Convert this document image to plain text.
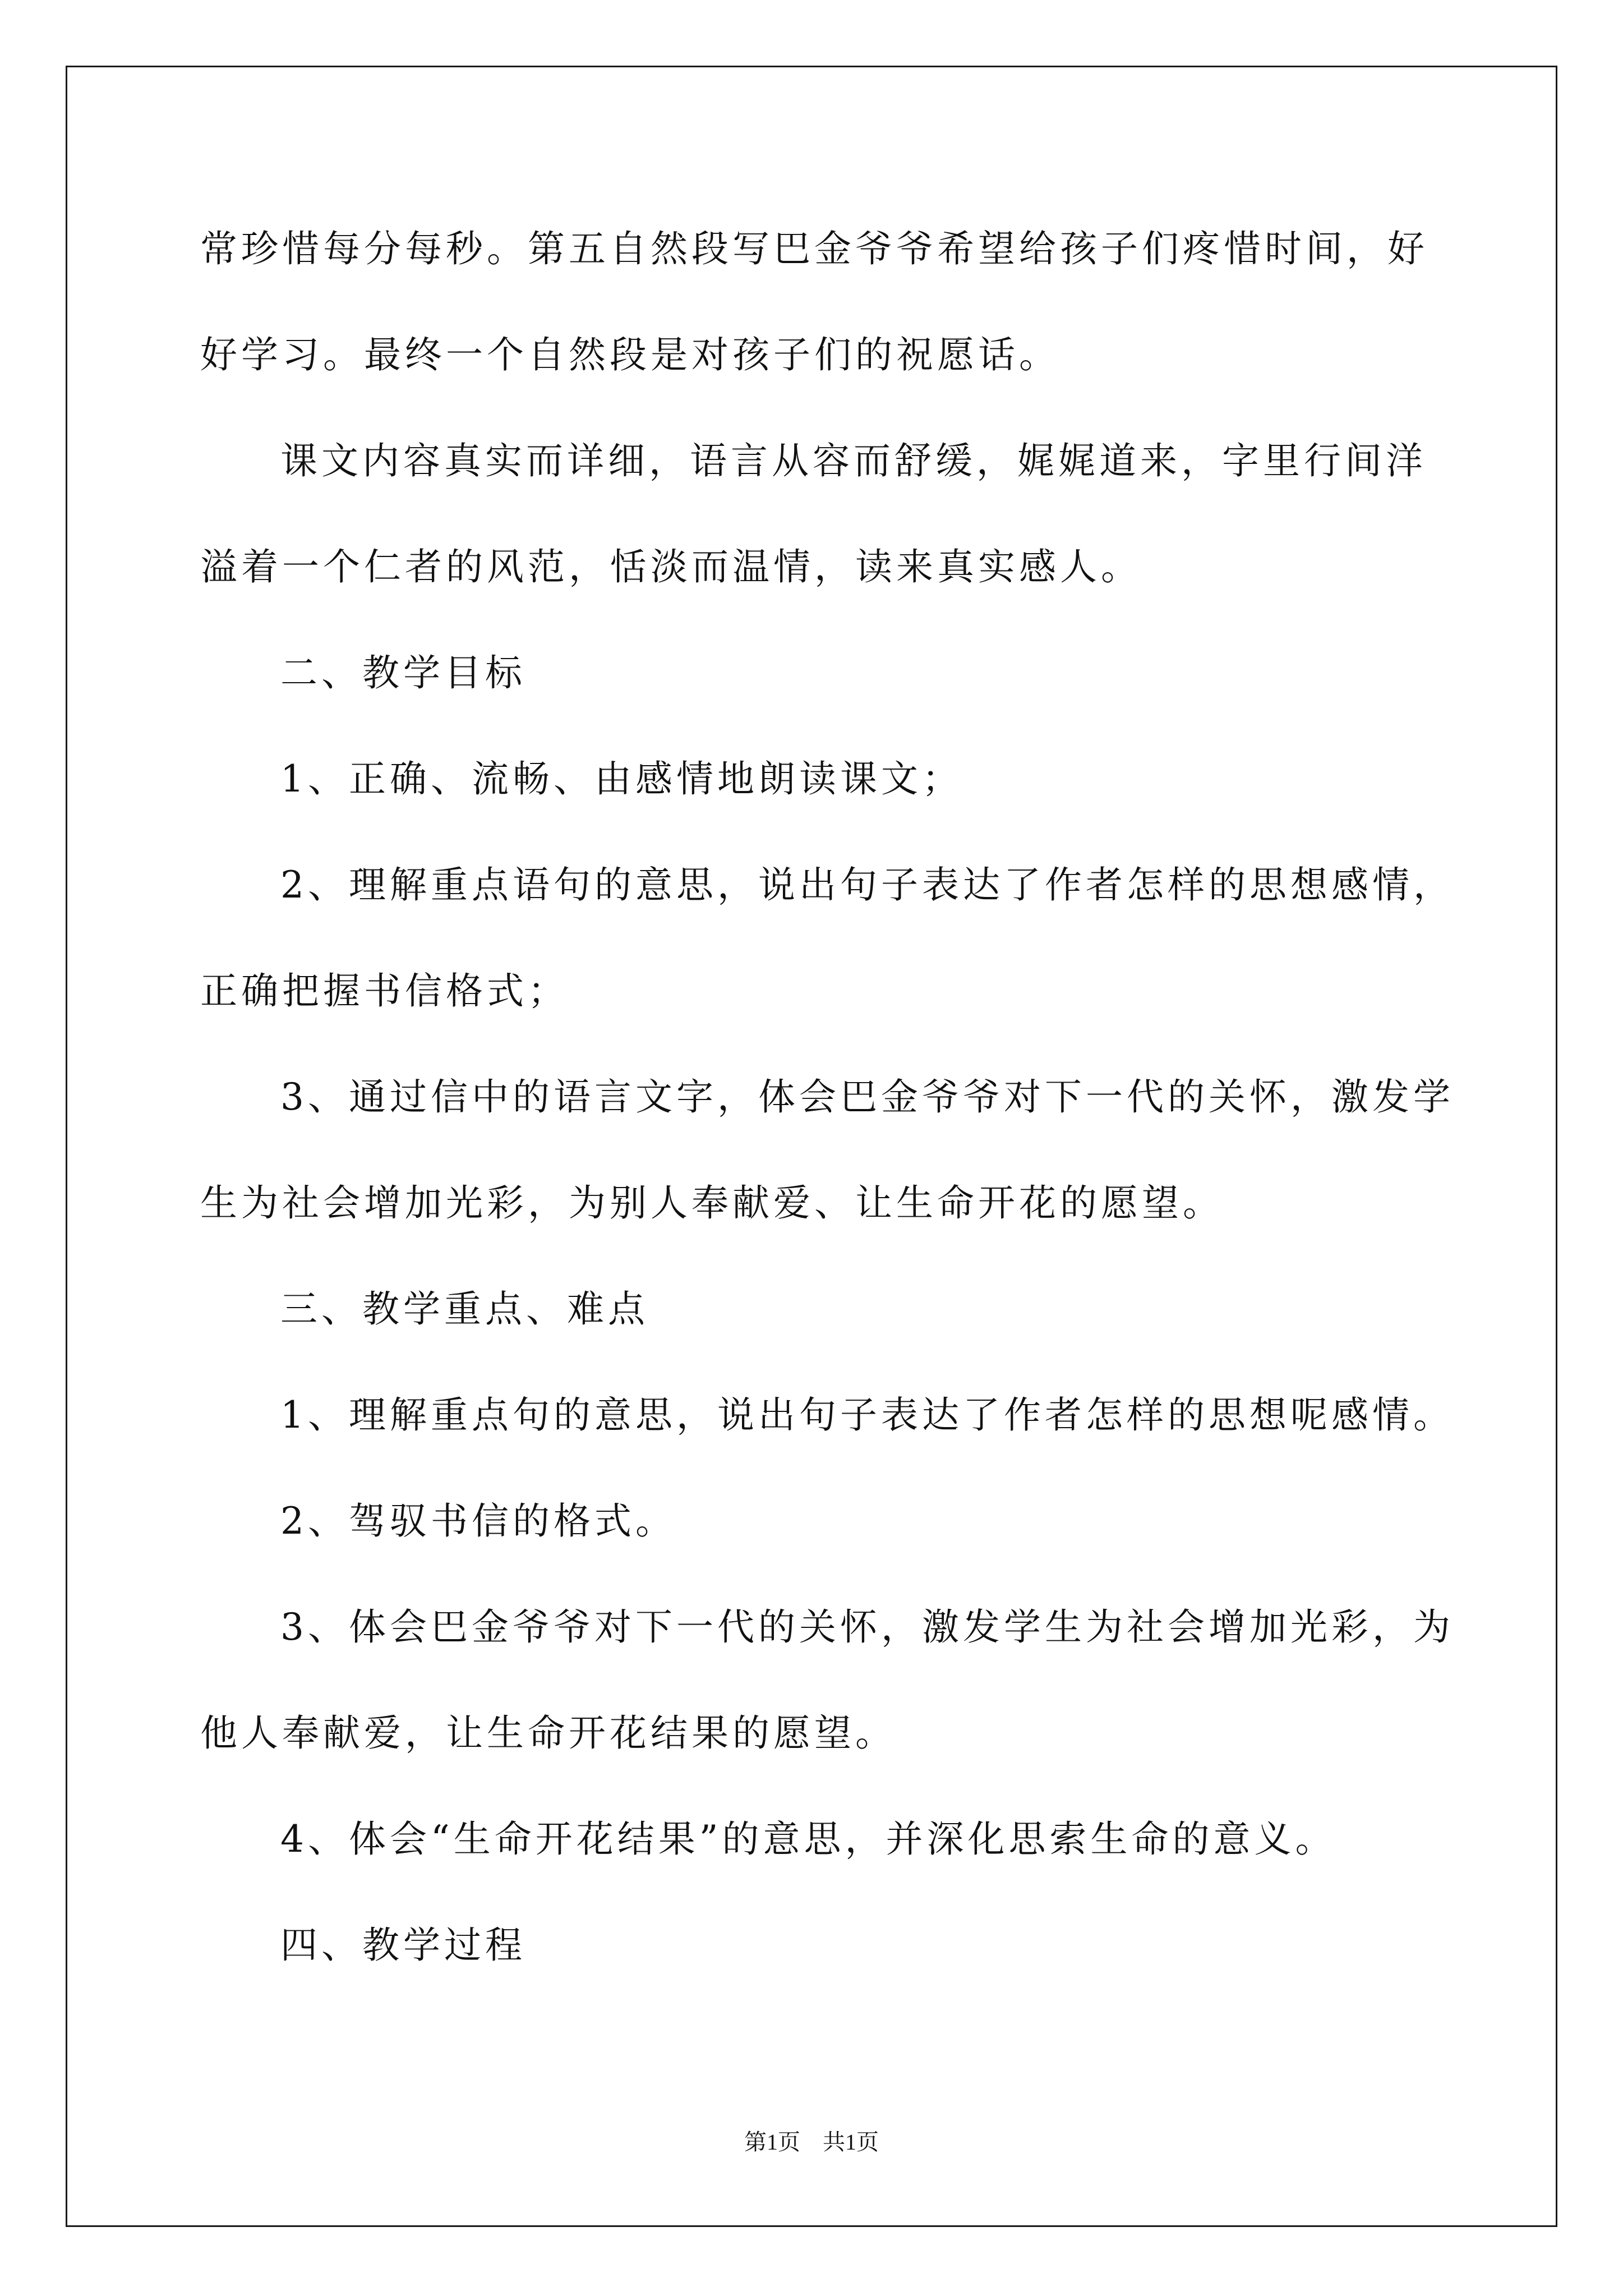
常珍惜每分每秒。第五自然段写巴金爷爷希望给孩子们疼惜时间，好
好学习。最终一个自然段是对孩子们的祝愿话。
课文内容真实而详细，语言从容而舒缓，娓娓道来，字里行间洋
溢着一个仁者的风范，恬淡而温情，读来真实感人。
二、教学目标
1、正确、流畅、由感情地朗读课文；
2、理解重点语句的意思，说出句子表达了作者怎样的思想感情，
正确把握书信格式；
3、通过信中的语言文字，体会巴金爷爷对下一代的关怀，激发学
生为社会增加光彩，为别人奉献爱、让生命开花的愿望。
三、教学重点、难点
1、理解重点句的意思，说出句子表达了作者怎样的思想呢感情。
2、驾驭书信的格式。
3、体会巴金爷爷对下一代的关怀，激发学生为社会增加光彩，为
他人奉献爱，让生命开花结果的愿望。
4、体会“生命开花结果”的意思，并深化思索生命的意义。
四、教学过程
第1页　共1页
